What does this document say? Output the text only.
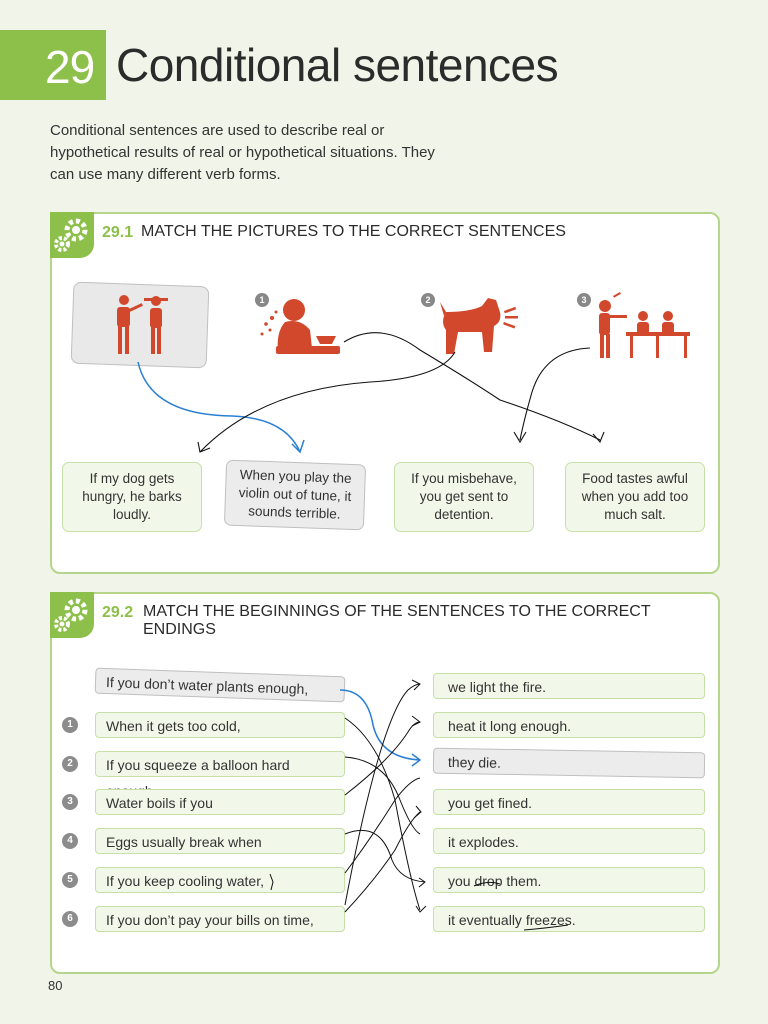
29 Conditional sentences
Conditional sentences are used to describe real or hypothetical results of real or hypothetical situations. They can use many different verb forms.
29.1 MATCH THE PICTURES TO THE CORRECT SENTENCES
1	2	3
If my dog gets hungry, he barks loudly.
When you play the violin out of tune, it sounds terrible.
If you misbehave, you get sent to detention.
Food tastes awful when you add too much salt.
29.2 MATCH THE BEGINNINGS OF THE SENTENCES TO THE CORRECT ENDINGS
If you don’t water plants enough,
1	When it gets too cold,
2	If you squeeze a balloon hard
3	Water boils if you
4	Eggs usually break when
5	If you keep cooling water,
6	If you don’t pay your bills on time,
we light the fire.
heat it long enough.
they die.
you get fined.
it explodes.
you drop them.
it eventually freezes.
80
